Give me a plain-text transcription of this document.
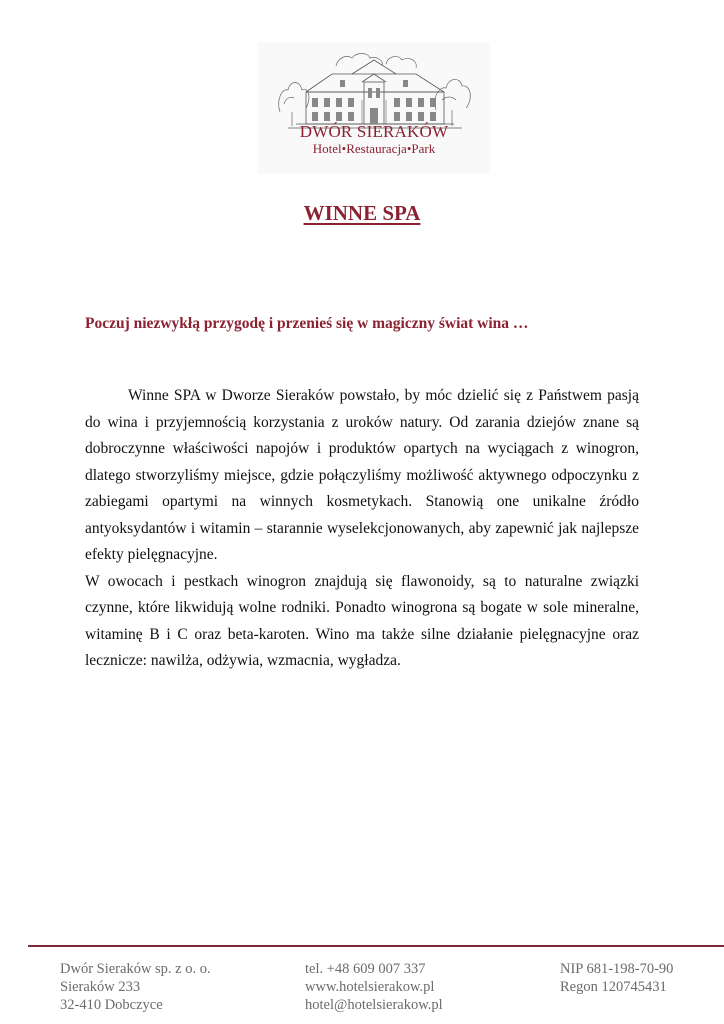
DWÓR SIERAKÓW
Hotel•Restauracja•Park
WINNE SPA
Poczuj niezwykłą przygodę i przenieś się w magiczny świat wina …

Winne SPA w Dworze Sieraków powstało, by móc dzielić się z Państwem pasją do wina i przyjemnością korzystania z uroków natury. Od zarania dziejów znane są dobroczynne właściwości napojów i produktów opartych na wyciągach z winogron, dlatego stworzyliśmy miejsce, gdzie połączyliśmy możliwość aktywnego odpoczynku z zabiegami opartymi na winnych kosmetykach. Stanowią one unikalne źródło antyoksydantów i witamin – starannie wyselekcjonowanych, aby zapewnić jak najlepsze efekty pielęgnacyjne.

W owocach i pestkach winogron znajdują się flawonoidy, są to naturalne związki czynne, które likwidują wolne rodniki. Ponadto winogrona są bogate w sole mineralne, witaminę B i C oraz beta-karoten. Wino ma także silne działanie pielęgnacyjne oraz lecznicze: nawilża, odżywia, wzmacnia, wygładza.

Dwór Sieraków sp. z o. o.
Sieraków 233
32-410 Dobczyce
tel. +48 609 007 337
www.hotelsierakow.pl
hotel@hotelsierakow.pl
NIP 681-198-70-90
Regon 120745431
